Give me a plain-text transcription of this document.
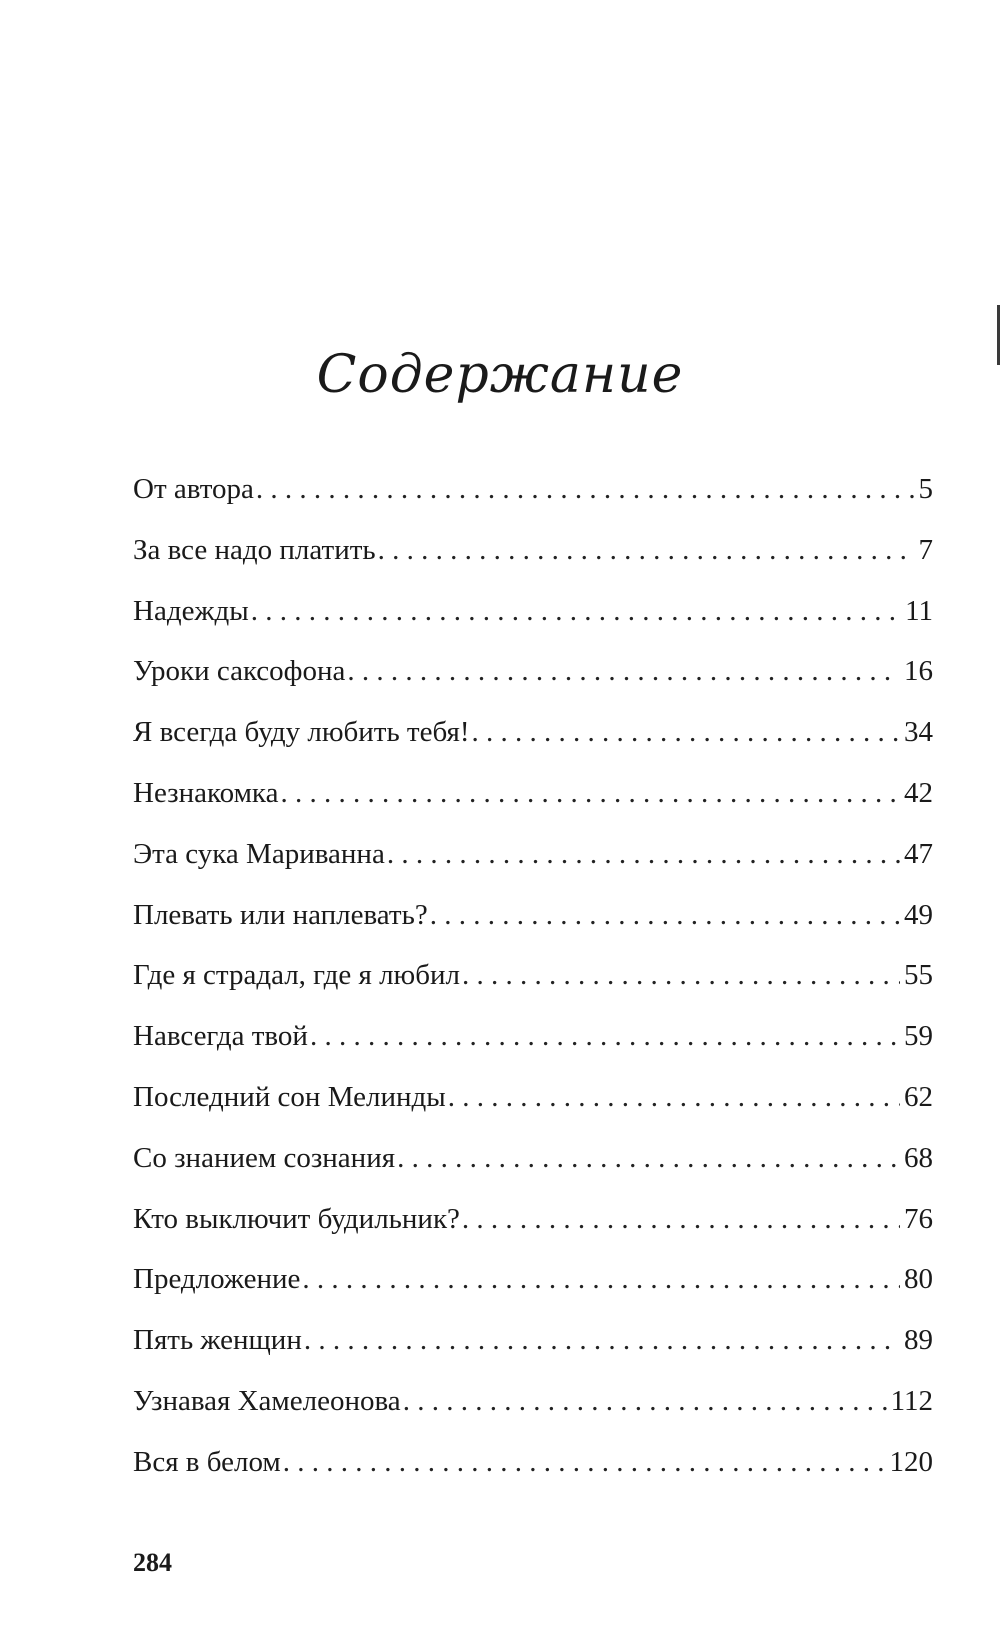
Содержание
От автора . . .	5
За все надо платить . . .	7
Надежды . . .	11
Уроки саксофона . . .	16
Я всегда буду любить тебя! . . .	34
Незнакомка . . .	42
Эта сука Мариванна . . .	47
Плевать или наплевать? . . .	49
Где я страдал, где я любил . . .	55
Навсегда твой . . .	59
Последний сон Мелинды . . .	62
Со знанием сознания . . .	68
Кто выключит будильник? . . .	76
Предложение . . .	80
Пять женщин . . .	89
Узнавая Хамелеонова . . .	112
Вся в белом . . .	120
284
